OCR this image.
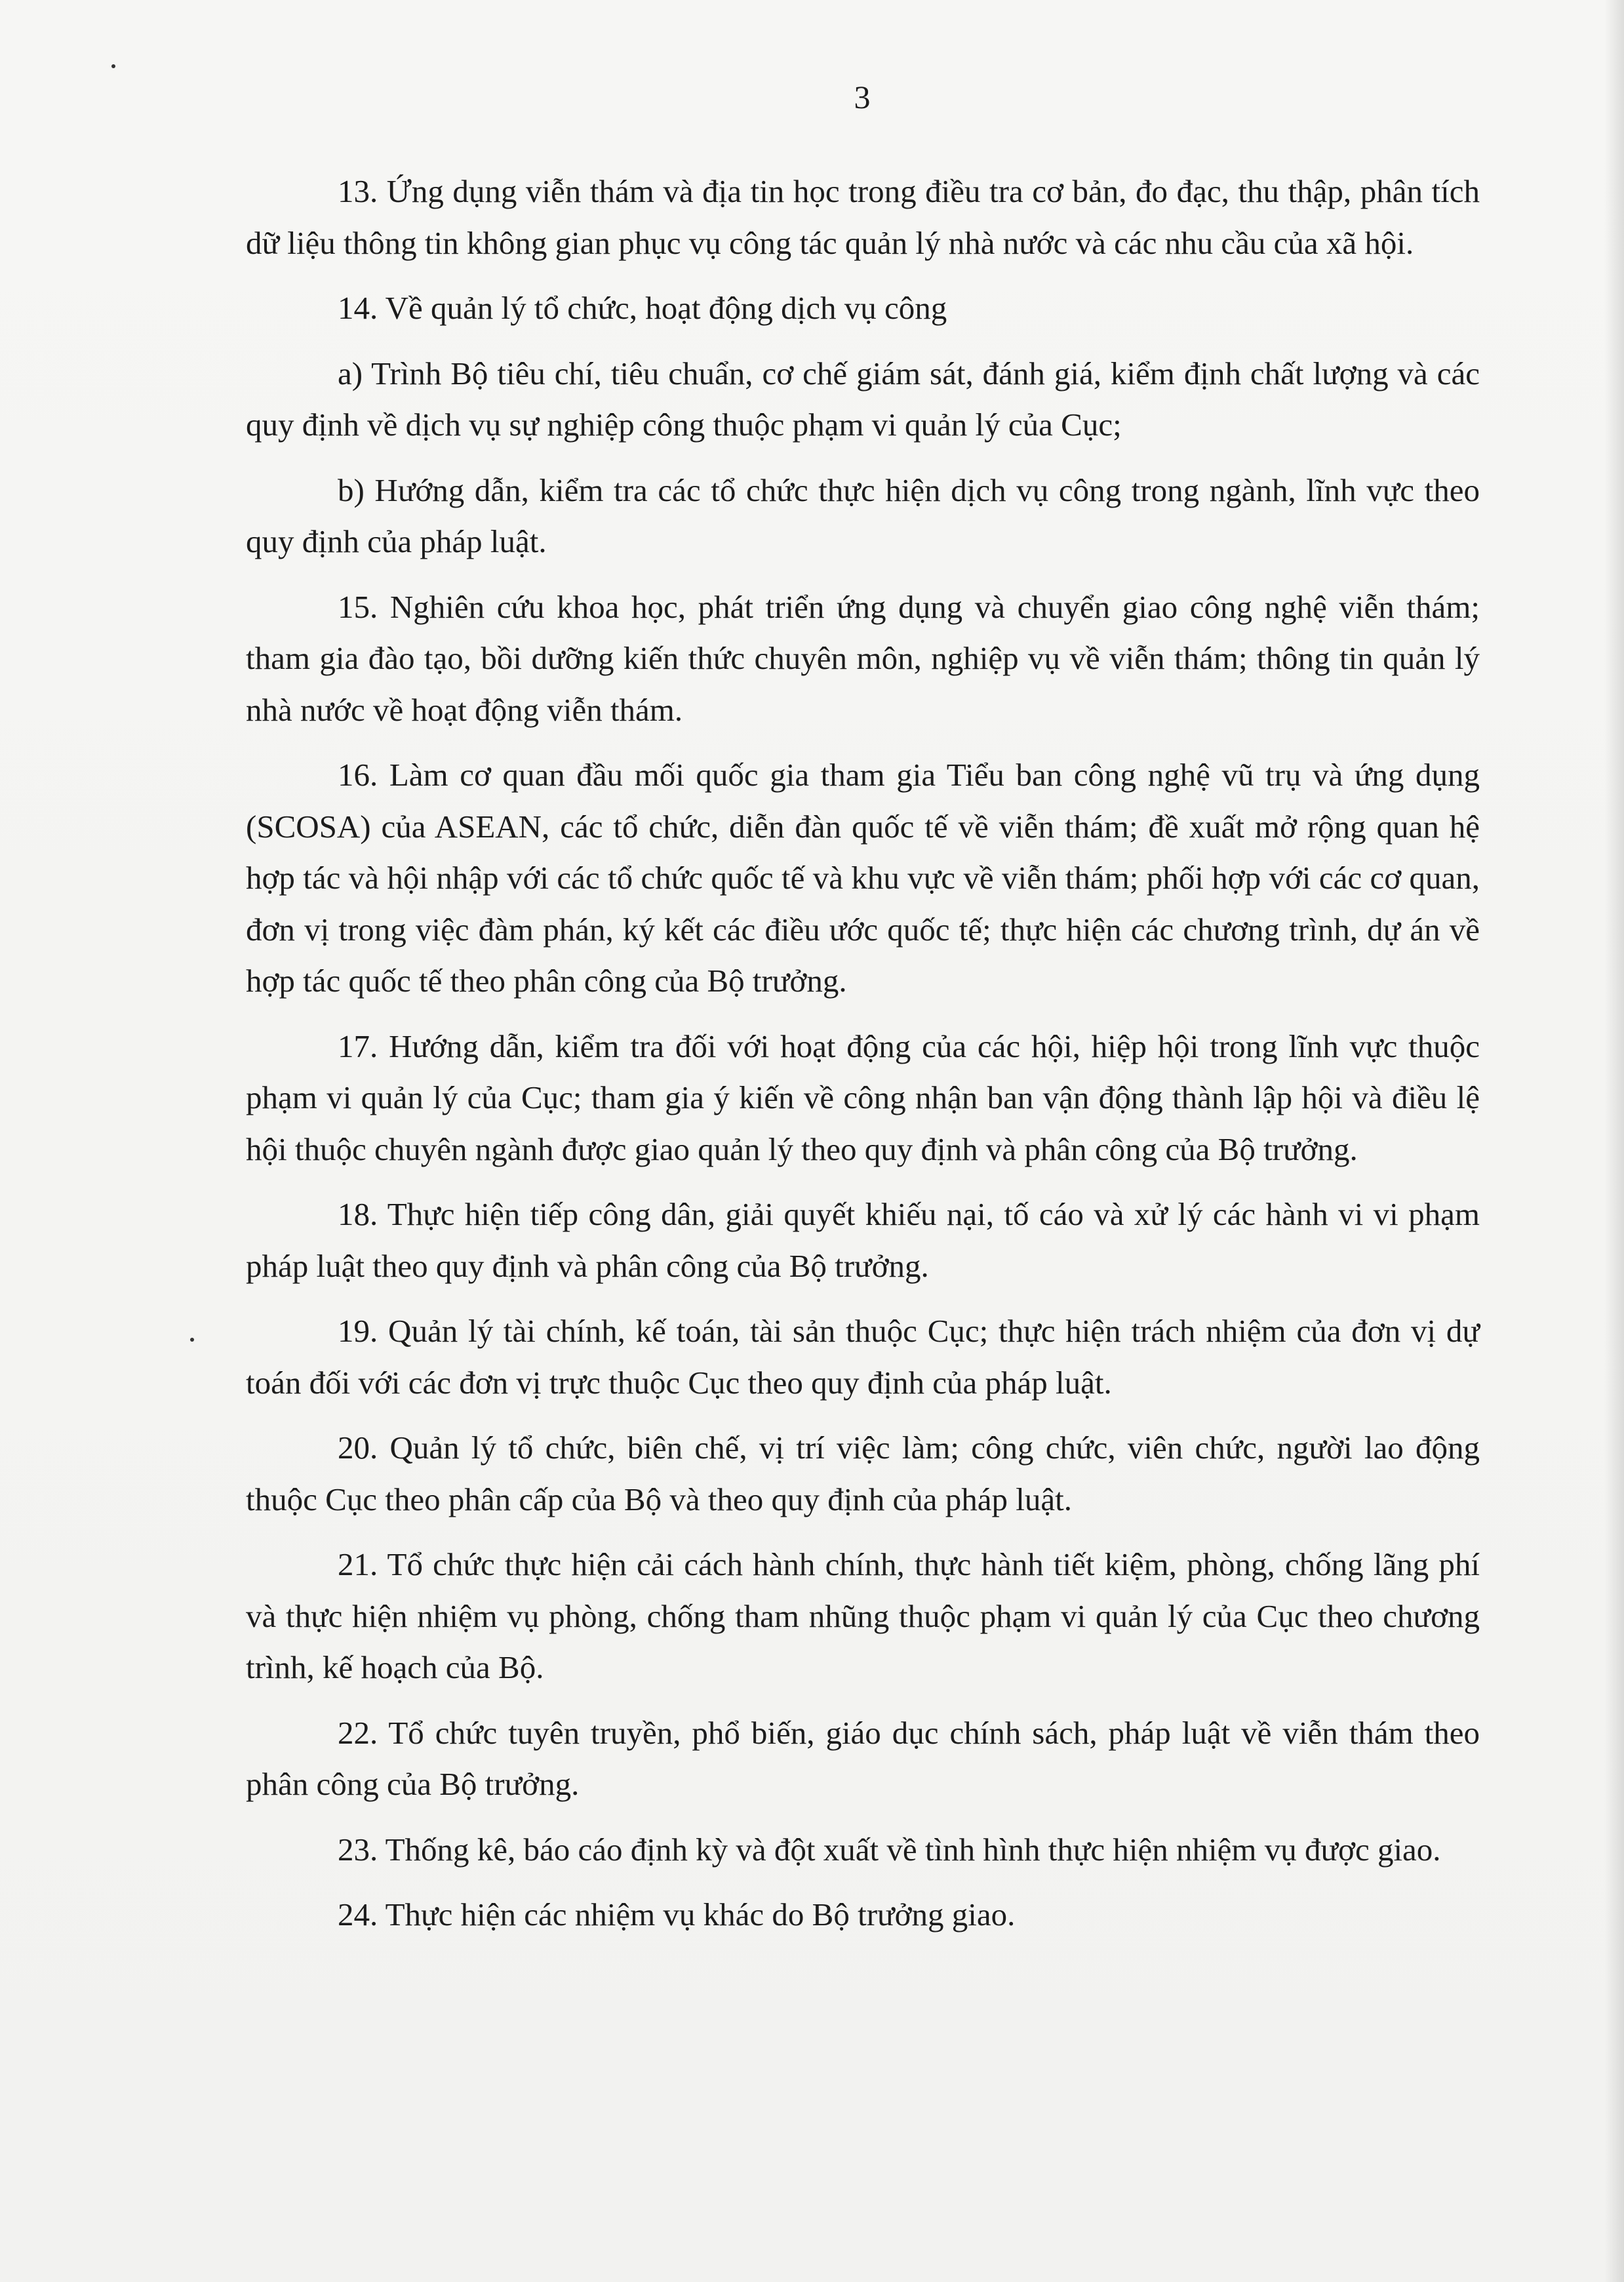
3

13. Ứng dụng viễn thám và địa tin học trong điều tra cơ bản, đo đạc, thu thập, phân tích dữ liệu thông tin không gian phục vụ công tác quản lý nhà nước và các nhu cầu của xã hội.

14. Về quản lý tổ chức, hoạt động dịch vụ công

a) Trình Bộ tiêu chí, tiêu chuẩn, cơ chế giám sát, đánh giá, kiểm định chất lượng và các quy định về dịch vụ sự nghiệp công thuộc phạm vi quản lý của Cục;

b) Hướng dẫn, kiểm tra các tổ chức thực hiện dịch vụ công trong ngành, lĩnh vực theo quy định của pháp luật.

15. Nghiên cứu khoa học, phát triển ứng dụng và chuyển giao công nghệ viễn thám; tham gia đào tạo, bồi dưỡng kiến thức chuyên môn, nghiệp vụ về viễn thám; thông tin quản lý nhà nước về hoạt động viễn thám.

16. Làm cơ quan đầu mối quốc gia tham gia Tiểu ban công nghệ vũ trụ và ứng dụng (SCOSA) của ASEAN, các tổ chức, diễn đàn quốc tế về viễn thám; đề xuất mở rộng quan hệ hợp tác và hội nhập với các tổ chức quốc tế và khu vực về viễn thám; phối hợp với các cơ quan, đơn vị trong việc đàm phán, ký kết các điều ước quốc tế; thực hiện các chương trình, dự án về hợp tác quốc tế theo phân công của Bộ trưởng.

17. Hướng dẫn, kiểm tra đối với hoạt động của các hội, hiệp hội trong lĩnh vực thuộc phạm vi quản lý của Cục; tham gia ý kiến về công nhận ban vận động thành lập hội và điều lệ hội thuộc chuyên ngành được giao quản lý theo quy định và phân công của Bộ trưởng.

18. Thực hiện tiếp công dân, giải quyết khiếu nại, tố cáo và xử lý các hành vi vi phạm pháp luật theo quy định và phân công của Bộ trưởng.

19. Quản lý tài chính, kế toán, tài sản thuộc Cục; thực hiện trách nhiệm của đơn vị dự toán đối với các đơn vị trực thuộc Cục theo quy định của pháp luật.

20. Quản lý tổ chức, biên chế, vị trí việc làm; công chức, viên chức, người lao động thuộc Cục theo phân cấp của Bộ và theo quy định của pháp luật.

21. Tổ chức thực hiện cải cách hành chính, thực hành tiết kiệm, phòng, chống lãng phí và thực hiện nhiệm vụ phòng, chống tham nhũng thuộc phạm vi quản lý của Cục theo chương trình, kế hoạch của Bộ.

22. Tổ chức tuyên truyền, phổ biến, giáo dục chính sách, pháp luật về viễn thám theo phân công của Bộ trưởng.

23. Thống kê, báo cáo định kỳ và đột xuất về tình hình thực hiện nhiệm vụ được giao.

24. Thực hiện các nhiệm vụ khác do Bộ trưởng giao.
